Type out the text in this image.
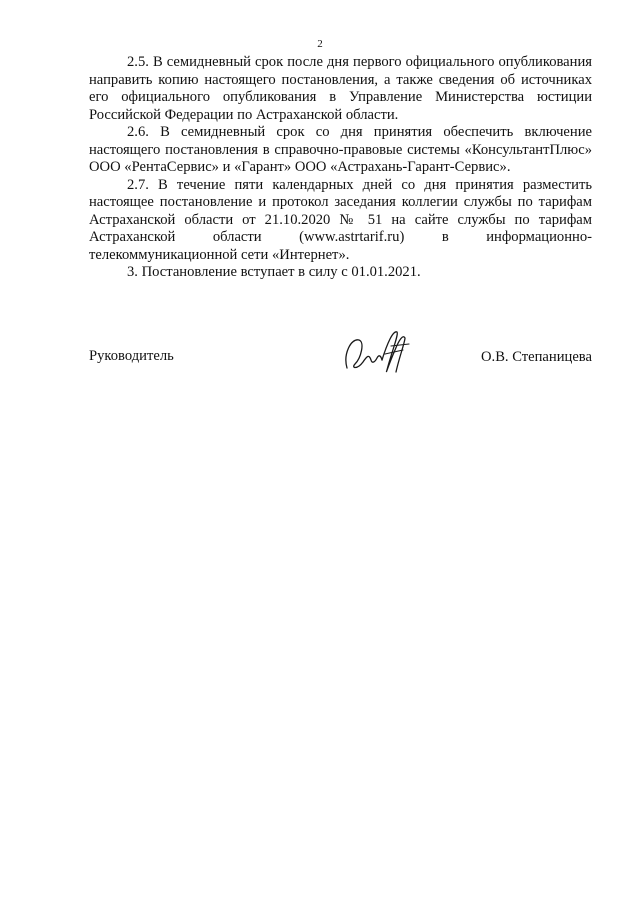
2

2.5. В семидневный срок после дня первого официального опубликования направить копию настоящего постановления, а также сведения об источниках его официального опубликования в Управление Министерства юстиции Российской Федерации по Астраханской области.

2.6. В семидневный срок со дня принятия обеспечить включение настоящего постановления в справочно-правовые системы «КонсультантПлюс» ООО «РентаСервис» и «Гарант» ООО «Астрахань-Гарант-Сервис».

2.7. В течение пяти календарных дней со дня принятия разместить настоящее постановление и протокол заседания коллегии службы по тарифам Астраханской области от 21.10.2020 № 51 на сайте службы по тарифам Астраханской области (www.astrtarif.ru) в информационно-телекоммуникационной сети «Интернет».

3. Постановление вступает в силу с 01.01.2021.

Руководитель	О.В. Степаницева
